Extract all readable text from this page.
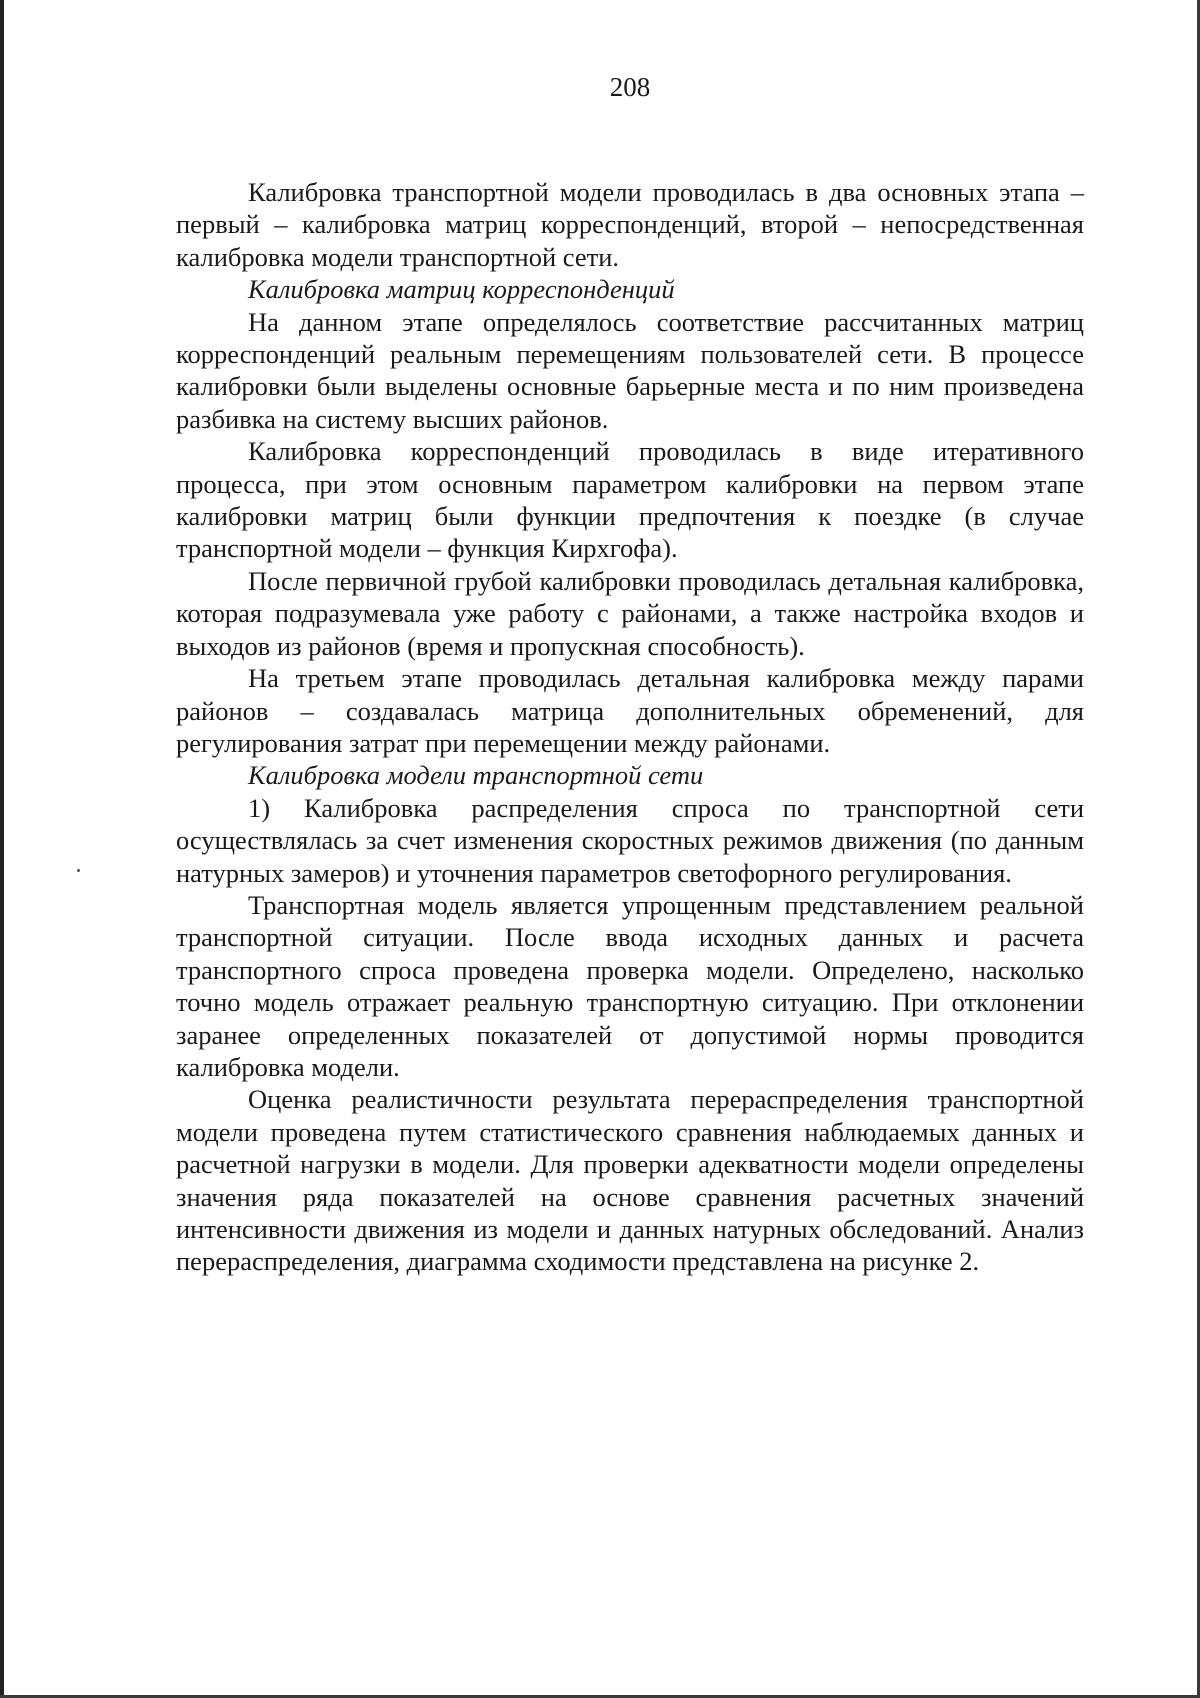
208

Калибровка транспортной модели проводилась в два основных этапа – первый – калибровка матриц корреспонденций, второй – непосредственная калибровка модели транспортной сети.

Калибровка матриц корреспонденций

На данном этапе определялось соответствие рассчитанных матриц корреспонденций реальным перемещениям пользователей сети. В процессе калибровки были выделены основные барьерные места и по ним произведена разбивка на систему высших районов.

Калибровка корреспонденций проводилась в виде итеративного процесса, при этом основным параметром калибровки на первом этапе калибровки матриц были функции предпочтения к поездке (в случае транспортной модели – функция Кирхгофа).

После первичной грубой калибровки проводилась детальная калибровка, которая подразумевала уже работу с районами, а также настройка входов и выходов из районов (время и пропускная способность).

На третьем этапе проводилась детальная калибровка между парами районов – создавалась матрица дополнительных обременений, для регулирования затрат при перемещении между районами.

Калибровка модели транспортной сети

1) Калибровка распределения спроса по транспортной сети осуществлялась за счет изменения скоростных режимов движения (по данным натурных замеров) и уточнения параметров светофорного регулирования.

Транспортная модель является упрощенным представлением реальной транспортной ситуации. После ввода исходных данных и расчета транспортного спроса проведена проверка модели. Определено, насколько точно модель отражает реальную транспортную ситуацию. При отклонении заранее определенных показателей от допустимой нормы проводится калибровка модели.

Оценка реалистичности результата перераспределения транспортной модели проведена путем статистического сравнения наблюдаемых данных и расчетной нагрузки в модели. Для проверки адекватности модели определены значения ряда показателей на основе сравнения расчетных значений интенсивности движения из модели и данных натурных обследований. Анализ перераспределения, диаграмма сходимости представлена на рисунке 2.
